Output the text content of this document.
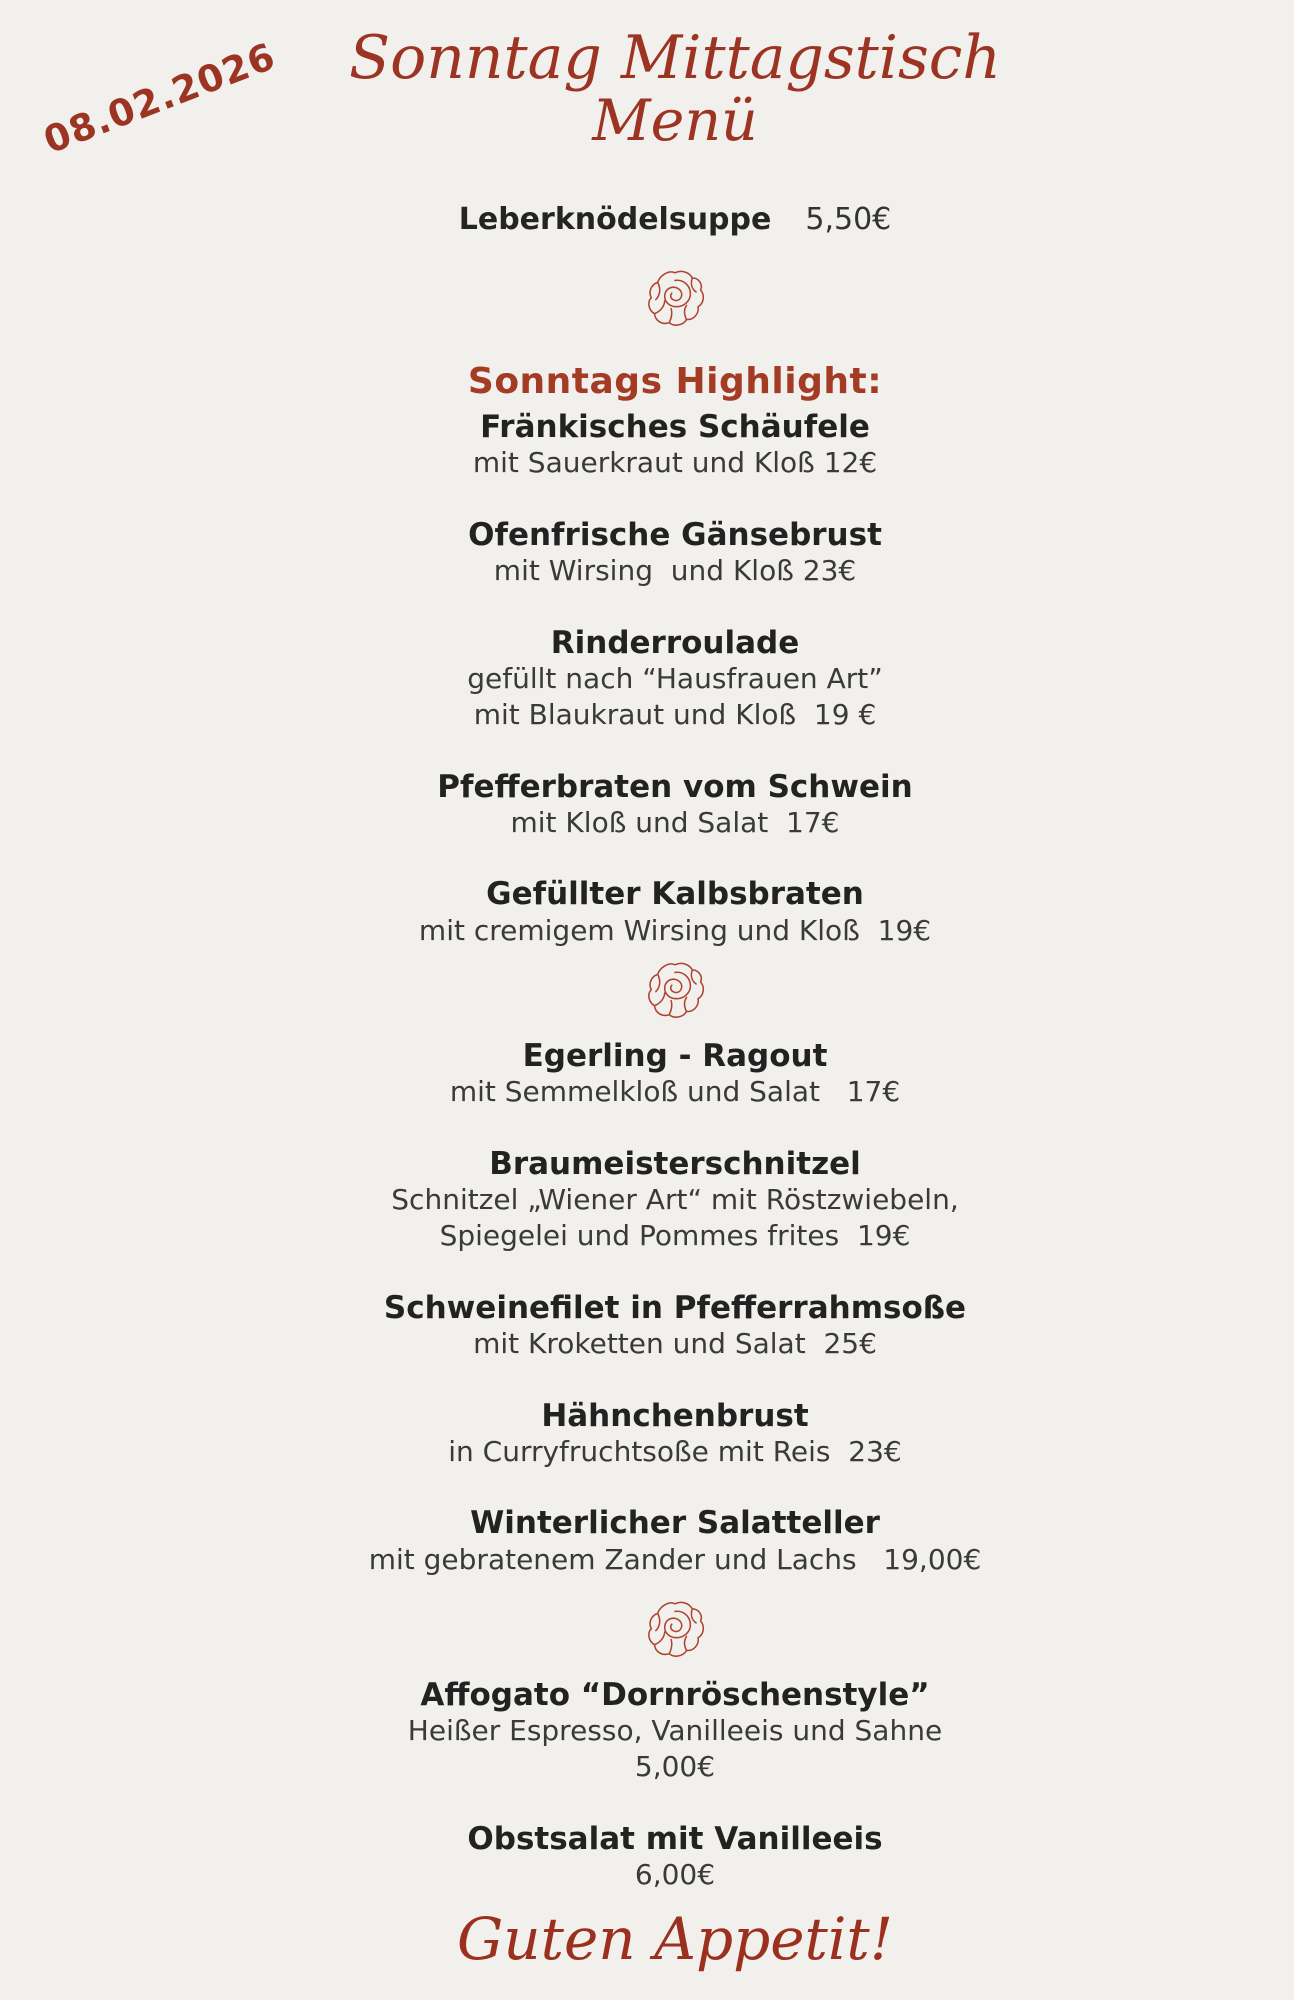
08.02.2026	Sonntag Mittagstisch
Menü
Leberknödelsuppe 5,50€
Sonntags Highlight:
Fränkisches Schäufele
mit Sauerkraut und Kloß 12€
Ofenfrische Gänsebrust
mit Wirsing  und Kloß 23€
Rinderroulade
gefüllt nach “Hausfrauen Art”
mit Blaukraut und Kloß  19 €
Pfefferbraten vom Schwein
mit Kloß und Salat  17€
Gefüllter Kalbsbraten
mit cremigem Wirsing und Kloß  19€
Egerling - Ragout
mit Semmelkloß und Salat   17€
Braumeisterschnitzel
Schnitzel „Wiener Art“ mit Röstzwiebeln,
Spiegelei und Pommes frites  19€
Schweinefilet in Pfefferrahmsoße
mit Kroketten und Salat  25€
Hähnchenbrust
in Curryfruchtsoße mit Reis  23€
Winterlicher Salatteller
mit gebratenem Zander und Lachs   19,00€
Affogato “Dornröschenstyle”
Heißer Espresso, Vanilleeis und Sahne
5,00€
Obstsalat mit Vanilleeis
6,00€
Guten Appetit!
